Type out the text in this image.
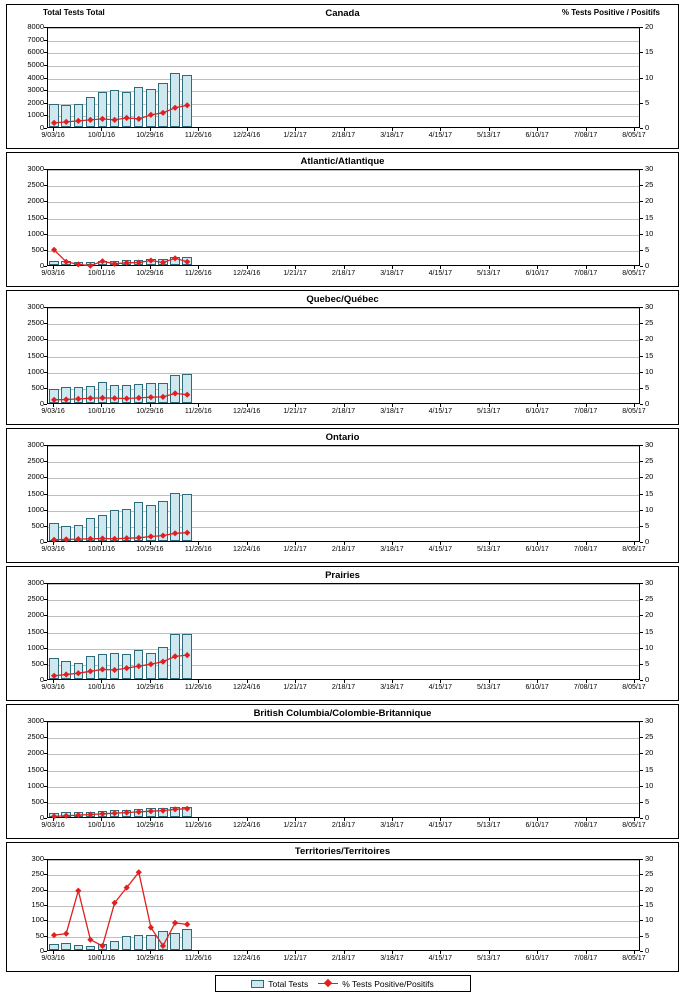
Canada
Total Tests Total	% Tests Positive / Positifs
0
1000
2000
3000
4000
5000
6000
7000
8000
0
5
10
15
20
9/03/16	10/01/16	10/29/16	11/26/16	12/24/16	1/21/17	2/18/17	3/18/17	4/15/17	5/13/17	6/10/17	7/08/17	8/05/17
Atlantic/Atlantique
0
500
1000
1500
2000
2500
3000
0
5
10
15
20
25
30
9/03/16	10/01/16	10/29/16	11/26/16	12/24/16	1/21/17	2/18/17	3/18/17	4/15/17	5/13/17	6/10/17	7/08/17	8/05/17
Quebec/Québec
0
500
1000
1500
2000
2500
3000
0
5
10
15
20
25
30
9/03/16	10/01/16	10/29/16	11/26/16	12/24/16	1/21/17	2/18/17	3/18/17	4/15/17	5/13/17	6/10/17	7/08/17	8/05/17
Ontario
0
500
1000
1500
2000
2500
3000
0
5
10
15
20
25
30
9/03/16	10/01/16	10/29/16	11/26/16	12/24/16	1/21/17	2/18/17	3/18/17	4/15/17	5/13/17	6/10/17	7/08/17	8/05/17
Prairies
0
500
1000
1500
2000
2500
3000
0
5
10
15
20
25
30
9/03/16	10/01/16	10/29/16	11/26/16	12/24/16	1/21/17	2/18/17	3/18/17	4/15/17	5/13/17	6/10/17	7/08/17	8/05/17
British Columbia/Colombie-Britannique
0
500
1000
1500
2000
2500
3000
0
5
10
15
20
25
30
9/03/16	10/01/16	10/29/16	11/26/16	12/24/16	1/21/17	2/18/17	3/18/17	4/15/17	5/13/17	6/10/17	7/08/17	8/05/17
Territories/Territoires
0
50
100
150
200
250
300
0
5
10
15
20
25
30
9/03/16	10/01/16	10/29/16	11/26/16	12/24/16	1/21/17	2/18/17	3/18/17	4/15/17	5/13/17	6/10/17	7/08/17	8/05/17
Total Tests	% Tests Positive/Positifs
